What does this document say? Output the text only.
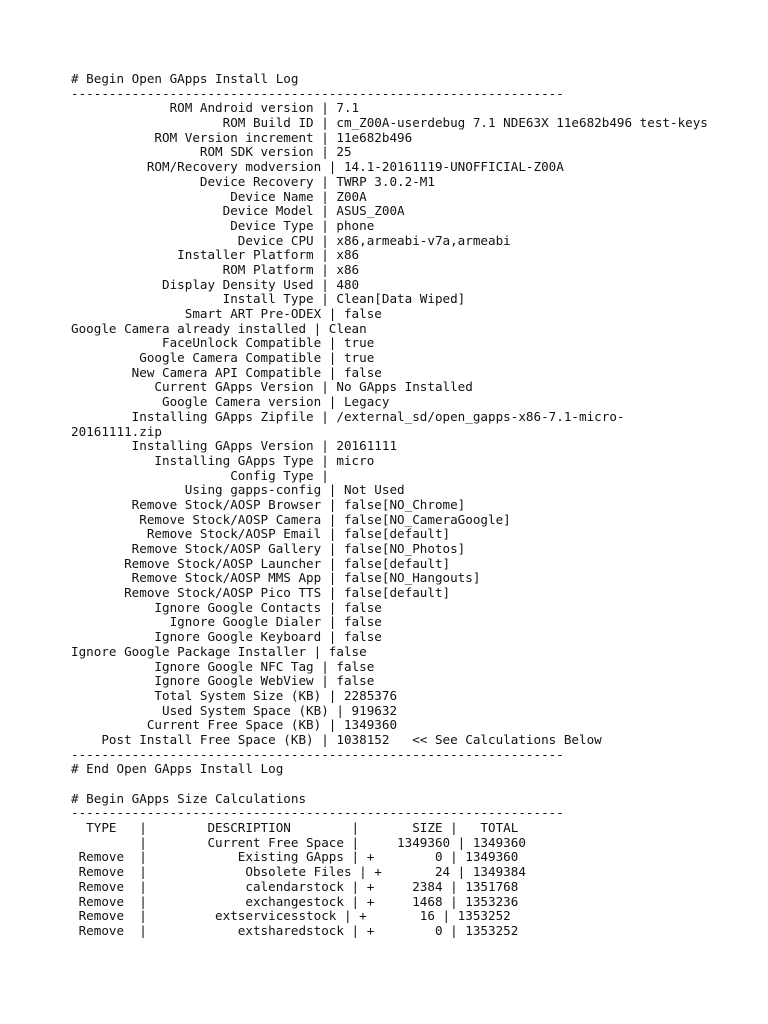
# Begin Open GApps Install Log
-----------------------------------------------------------------
ROM Android version | 7.1
ROM Build ID | cm_Z00A-userdebug 7.1 NDE63X 11e682b496 test-keys
ROM Version increment | 11e682b496
ROM SDK version | 25
ROM/Recovery modversion | 14.1-20161119-UNOFFICIAL-Z00A
Device Recovery | TWRP 3.0.2-M1
Device Name | Z00A
Device Model | ASUS_Z00A
Device Type | phone
Device CPU | x86,armeabi-v7a,armeabi
Installer Platform | x86
ROM Platform | x86
Display Density Used | 480
Install Type | Clean[Data Wiped]
Smart ART Pre-ODEX | false
Google Camera already installed | Clean
FaceUnlock Compatible | true
Google Camera Compatible | true
New Camera API Compatible | false
Current GApps Version | No GApps Installed
Google Camera version | Legacy
Installing GApps Zipfile | /external_sd/open_gapps-x86-7.1-micro-
20161111.zip
Installing GApps Version | 20161111
Installing GApps Type | micro
Config Type |
Using gapps-config | Not Used
Remove Stock/AOSP Browser | false[NO_Chrome]
Remove Stock/AOSP Camera | false[NO_CameraGoogle]
Remove Stock/AOSP Email | false[default]
Remove Stock/AOSP Gallery | false[NO_Photos]
Remove Stock/AOSP Launcher | false[default]
Remove Stock/AOSP MMS App | false[NO_Hangouts]
Remove Stock/AOSP Pico TTS | false[default]
Ignore Google Contacts | false
Ignore Google Dialer | false
Ignore Google Keyboard | false
Ignore Google Package Installer | false
Ignore Google NFC Tag | false
Ignore Google WebView | false
Total System Size (KB) | 2285376
Used System Space (KB) | 919632
Current Free Space (KB) | 1349360
Post Install Free Space (KB) | 1038152   << See Calculations Below
-----------------------------------------------------------------
# End Open GApps Install Log
# Begin GApps Size Calculations
-----------------------------------------------------------------
TYPE   |        DESCRIPTION        |       SIZE |   TOTAL
|        Current Free Space |     1349360 | 1349360
Remove  |            Existing GApps | +        0 | 1349360
Remove  |             Obsolete Files | +       24 | 1349384
Remove  |             calendarstock | +     2384 | 1351768
Remove  |             exchangestock | +     1468 | 1353236
Remove  |         extservicesstock | +       16 | 1353252
Remove  |            extsharedstock | +        0 | 1353252
